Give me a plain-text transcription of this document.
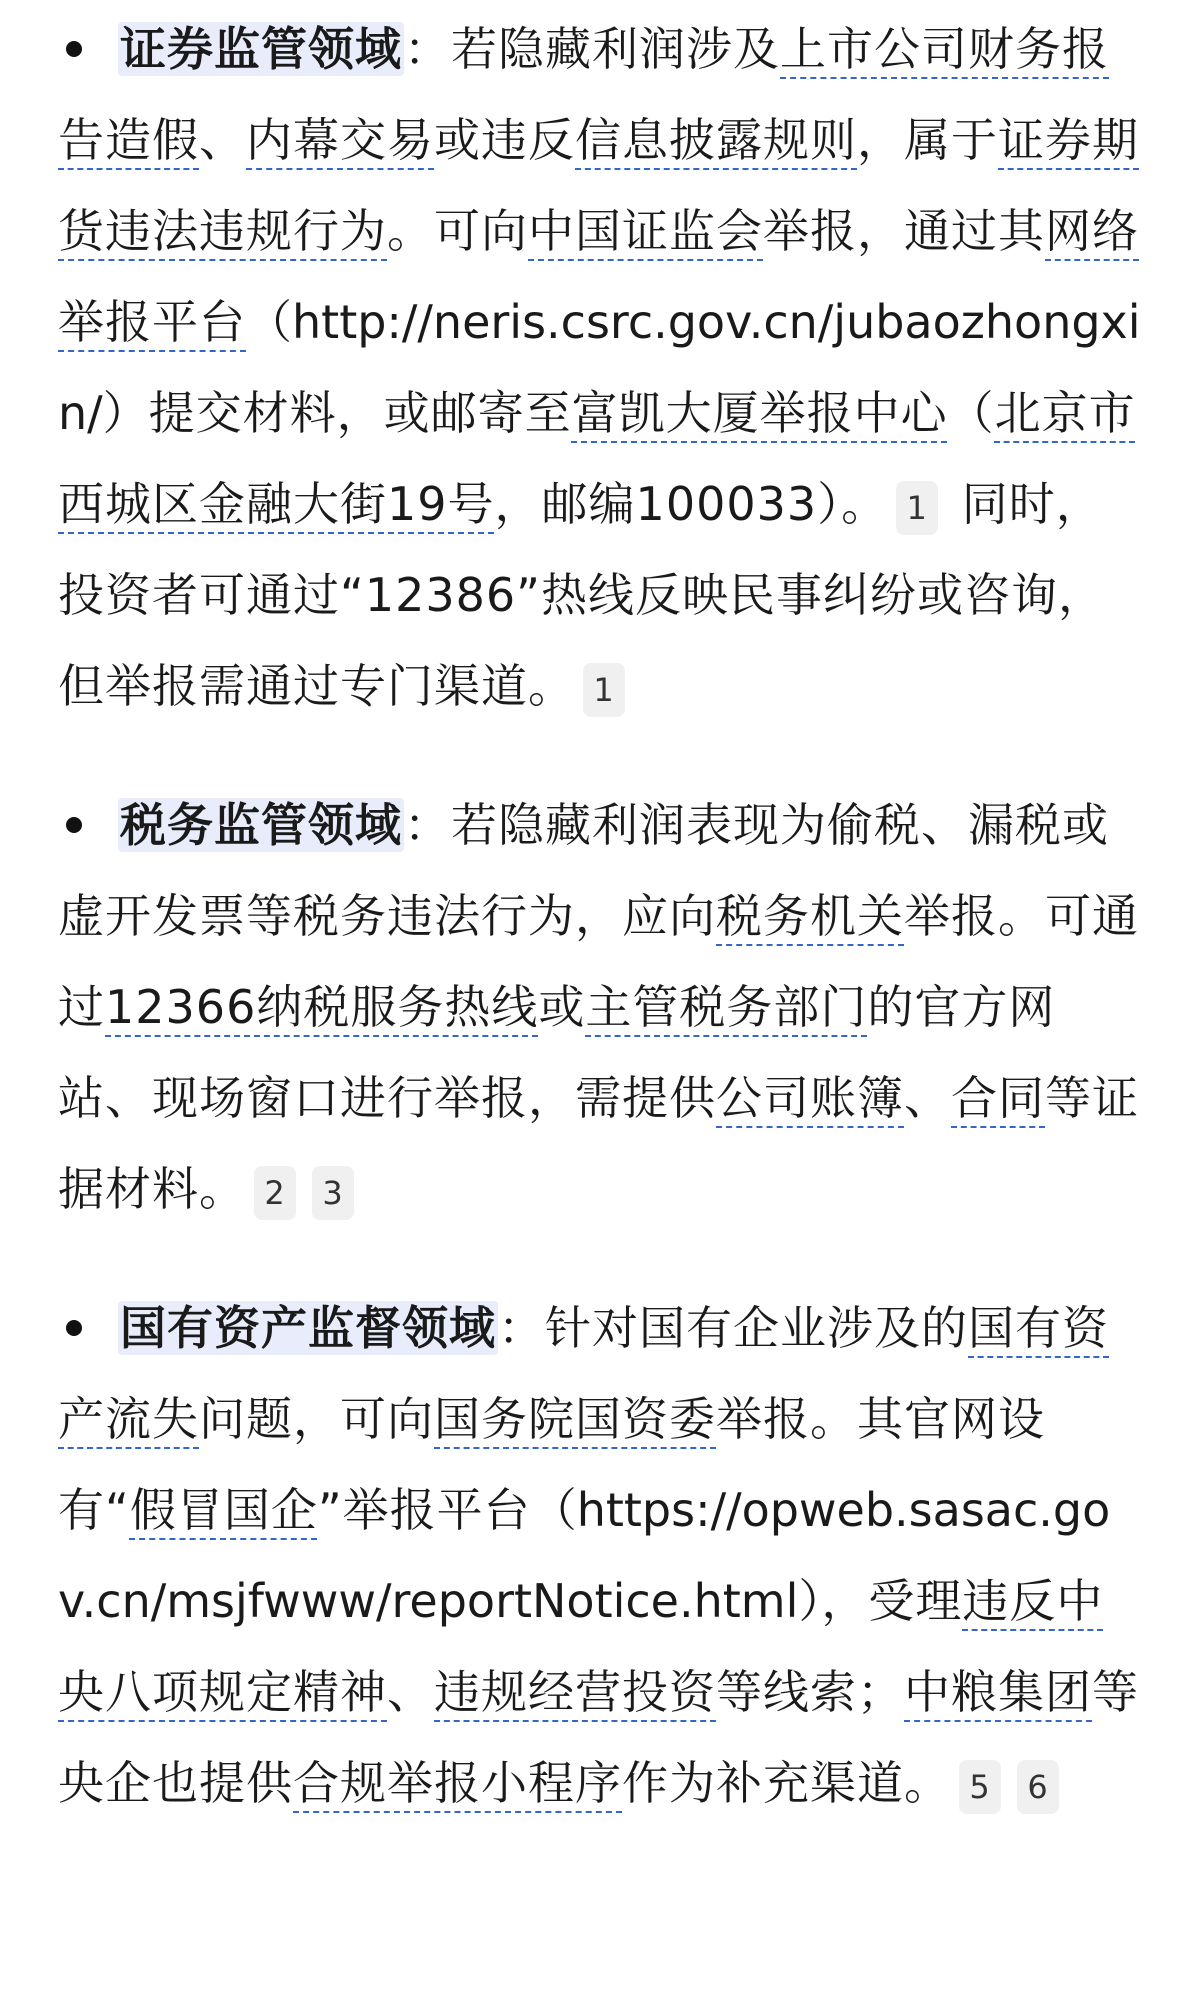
证券监管领域：若隐藏利润涉及上市公司财务报告造假、内幕交易或违反信息披露规则，属于证券期货违法违规行为。可向中国证监会举报，通过其网络举报平台（http://neris.csrc.gov.cn/jubaozhongxin/）提交材料，或邮寄至富凯大厦举报中心（北京市西城区金融大街19号，邮编100033）。 1 同时，投资者可通过“12386”热线反映民事纠纷或咨询，但举报需通过专门渠道。 1
税务监管领域：若隐藏利润表现为偷税、漏税或虚开发票等税务违法行为，应向税务机关举报。可通过12366纳税服务热线或主管税务部门的官方网站、现场窗口进行举报，需提供公司账簿、合同等证据材料。 2 3
国有资产监督领域：针对国有企业涉及的国有资产流失问题，可向国务院国资委举报。其官网设有“假冒国企”举报平台（https://opweb.sasac.gov.cn/msjfwww/reportNotice.html），受理违反中央八项规定精神、违规经营投资等线索；中粮集团等央企也提供合规举报小程序作为补充渠道。 5 6
